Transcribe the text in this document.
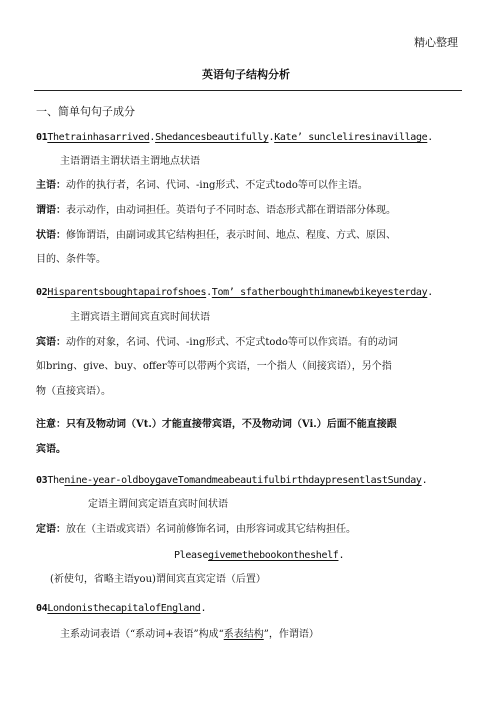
精心整理
英语句子结构分析
一、简单句句子成分
01Thetrainhasarrived.Shedancesbeautifully.Kate’ suncleliresinavillage.
主语谓语主谓状语主谓地点状语
主语：动作的执行者，名词、代词、-ing形式、不定式todo等可以作主语。
谓语：表示动作，由动词担任。英语句子不同时态、语态形式都在谓语部分体现。
状语：修饰谓语，由副词或其它结构担任，表示时间、地点、程度、方式、原因、
目的、条件等。
02Hisparentsboughtapairofshoes.Tom’ sfatherboughthimanewbikeyesterday.
主谓宾语主谓间宾直宾时间状语
宾语：动作的对象，名词、代词、-ing形式、不定式todo等可以作宾语。有的动词
如bring、give、buy、offer等可以带两个宾语，一个指人（间接宾语），另个指
物（直接宾语）。
注意：只有及物动词（Vt.）才能直接带宾语，不及物动词（Vi.）后面不能直接跟
宾语。
03Thenine-year-oldboygaveTomandmeabeautifulbirthdaypresentlastSunday.
定语主谓间宾定语直宾时间状语
定语：放在（主语或宾语）名词前修饰名词，由形容词或其它结构担任。
Pleasegivemethebookontheshelf.
(祈使句，省略主语you)谓间宾直宾定语（后置）
04LondonisthecapitalofEngland.
主系动词表语（“系动词+表语”构成“系表结构”，作谓语）
